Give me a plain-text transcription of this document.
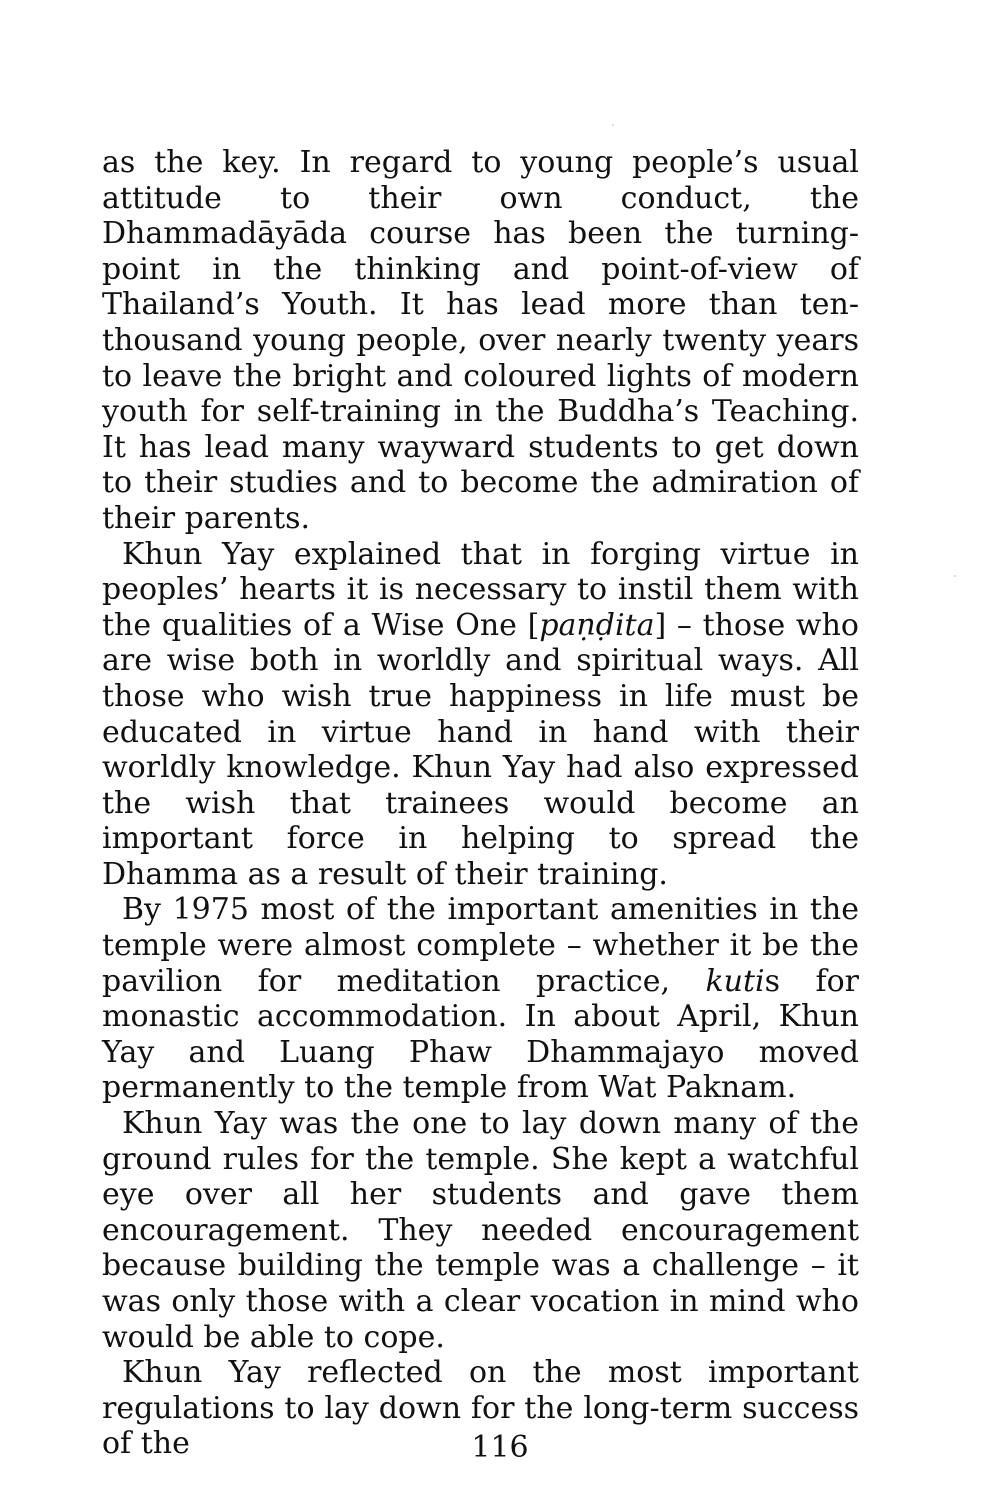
as the key. In regard to young people’s usual attitude to their own conduct, the Dhammadāyāda course has been the turning-point in the thinking and point-of-view of Thailand’s Youth. It has lead more than ten-thousand young people, over nearly twenty years to leave the bright and coloured lights of modern youth for self-training in the Buddha’s Teaching. It has lead many wayward students to get down to their studies and to become the admiration of their parents.

Khun Yay explained that in forging virtue in peoples’ hearts it is necessary to instil them with the qualities of a Wise One [paṇḍita] – those who are wise both in worldly and spiritual ways. All those who wish true happiness in life must be educated in virtue hand in hand with their worldly knowledge. Khun Yay had also expressed the wish that trainees would become an important force in helping to spread the Dhamma as a result of their training.

By 1975 most of the important amenities in the temple were almost complete – whether it be the pavilion for meditation practice, kutis for monastic accommodation. In about April, Khun Yay and Luang Phaw Dhammajayo moved permanently to the temple from Wat Paknam.

Khun Yay was the one to lay down many of the ground rules for the temple. She kept a watchful eye over all her students and gave them encouragement. They needed encouragement because building the temple was a challenge – it was only those with a clear vocation in mind who would be able to cope.

Khun Yay reflected on the most important regulations to lay down for the long-term success of the	116
